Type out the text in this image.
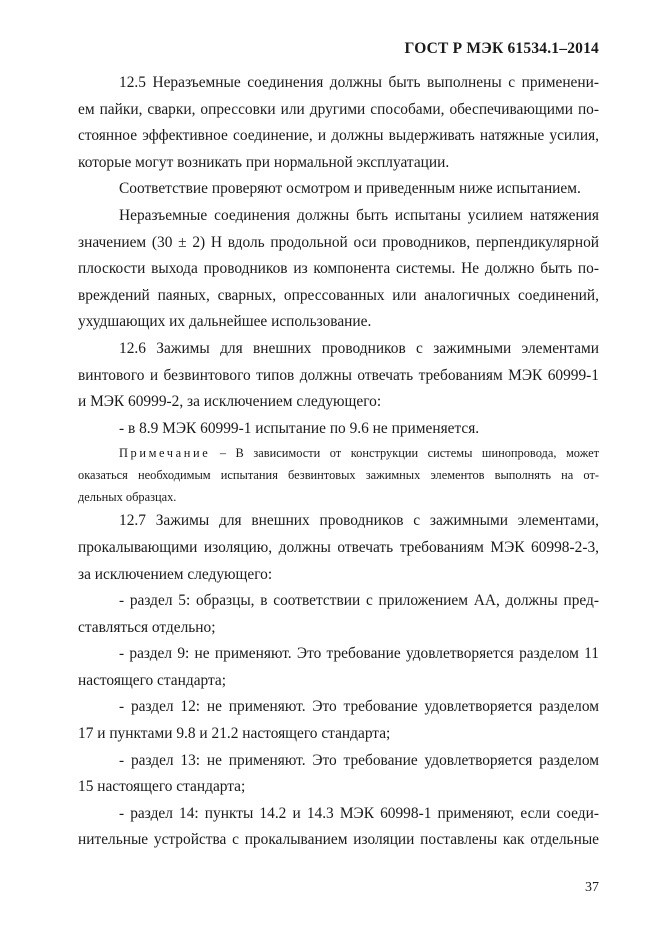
ГОСТ Р МЭК 61534.1–2014

12.5 Неразъемные соединения должны быть выполнены с применени-
ем пайки, сварки, опрессовки или другими способами, обеспечивающими по-
стоянное эффективное соединение, и должны выдерживать натяжные усилия,
которые могут возникать при нормальной эксплуатации.

Соответствие проверяют осмотром и приведенным ниже испытанием.

Неразъемные соединения должны быть испытаны усилием натяжения
значением (30 ± 2) Н вдоль продольной оси проводников, перпендикулярной
плоскости выхода проводников из компонента системы. Не должно быть по-
вреждений паяных, сварных, опрессованных или аналогичных соединений,
ухудшающих их дальнейшее использование.

12.6 Зажимы для внешних проводников с зажимными элементами
винтового и безвинтового типов должны отвечать требованиям МЭК 60999-1
и МЭК 60999-2, за исключением следующего:

- в 8.9 МЭК 60999-1 испытание по 9.6 не применяется.

Примечание – В зависимости от конструкции системы шинопровода, может
оказаться необходимым испытания безвинтовых зажимных элементов выполнять на от-
дельных образцах.

12.7 Зажимы для внешних проводников с зажимными элементами,
прокалывающими изоляцию, должны отвечать требованиям МЭК 60998-2-3,
за исключением следующего:

- раздел 5: образцы, в соответствии с приложением АА, должны пред-
ставляться отдельно;

- раздел 9: не применяют. Это требование удовлетворяется разделом 11
настоящего стандарта;

- раздел 12: не применяют. Это требование удовлетворяется разделом
17 и пунктами 9.8 и 21.2 настоящего стандарта;

- раздел 13: не применяют. Это требование удовлетворяется разделом
15 настоящего стандарта;

- раздел 14: пункты 14.2 и 14.3 МЭК 60998-1 применяют, если соеди-
нительные устройства с прокалыванием изоляции поставлены как отдельные

37
